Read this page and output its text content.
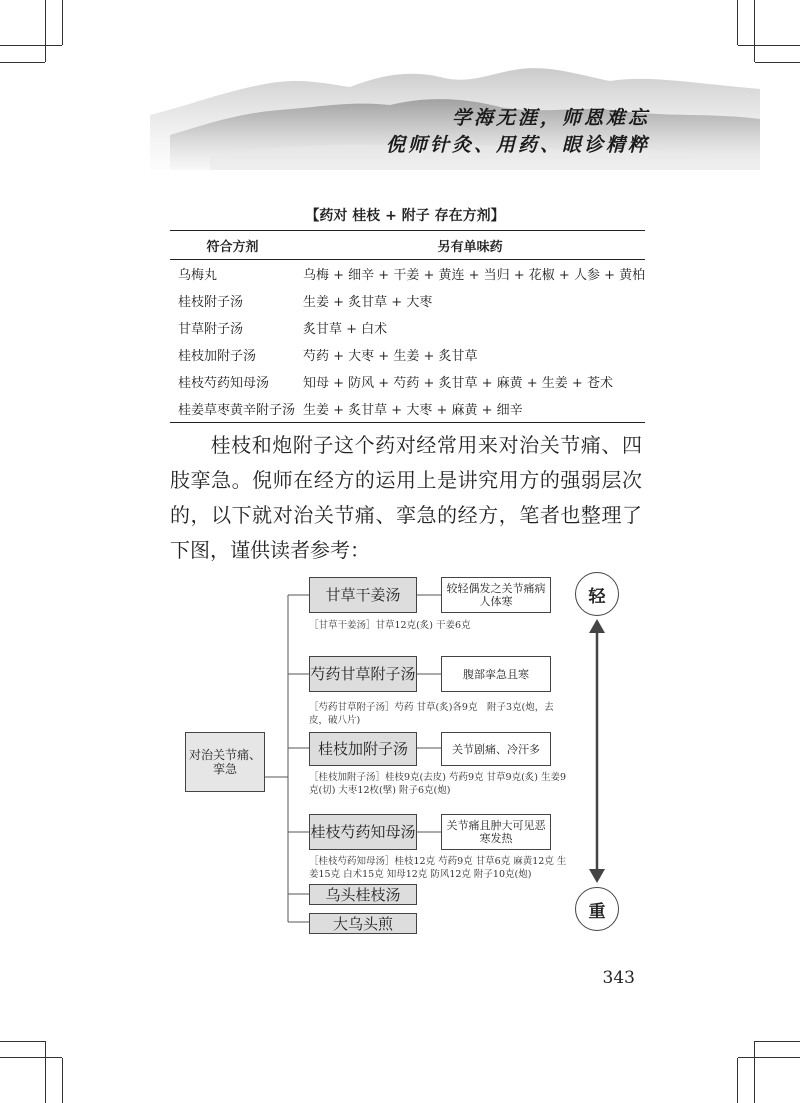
学海无涯，师恩难忘
倪师针灸、用药、眼诊精粹
【药对 桂枝 + 附子 存在方剂】
符合方剂	另有单味药
乌梅丸	乌梅 + 细辛 + 干姜 + 黄连 + 当归 + 花椒 + 人参 + 黄柏
桂枝附子汤	生姜 + 炙甘草 + 大枣
甘草附子汤	炙甘草 + 白术
桂枝加附子汤	芍药 + 大枣 + 生姜 + 炙甘草
桂枝芍药知母汤	知母 + 防风 + 芍药 + 炙甘草 + 麻黄 + 生姜 + 苍术
桂姜草枣黄辛附子汤	生姜 + 炙甘草 + 大枣 + 麻黄 + 细辛

桂枝和炮附子这个药对经常用来对治关节痛、四肢挛急。倪师在经方的运用上是讲究用方的强弱层次的，以下就对治关节痛、挛急的经方，笔者也整理了下图，谨供读者参考：

对治关节痛、挛急
甘草干姜汤	较轻偶发之关节痛病人体寒
［甘草干姜汤］甘草12克(炙) 干姜6克
芍药甘草附子汤	腹部挛急且寒
［芍药甘草附子汤］芍药 甘草(炙)各9克　附子3克(炮，去皮，破八片)
桂枝加附子汤	关节剧痛、冷汗多
［桂枝加附子汤］桂枝9克(去皮) 芍药9克 甘草9克(炙) 生姜9克(切) 大枣12枚(擘) 附子6克(炮)
桂枝芍药知母汤	关节痛且肿大可见恶寒发热
［桂枝芍药知母汤］桂枝12克 芍药9克 甘草6克 麻黄12克 生姜15克 白术15克 知母12克 防风12克 附子10克(炮)
乌头桂枝汤
大乌头煎
轻
重
343
